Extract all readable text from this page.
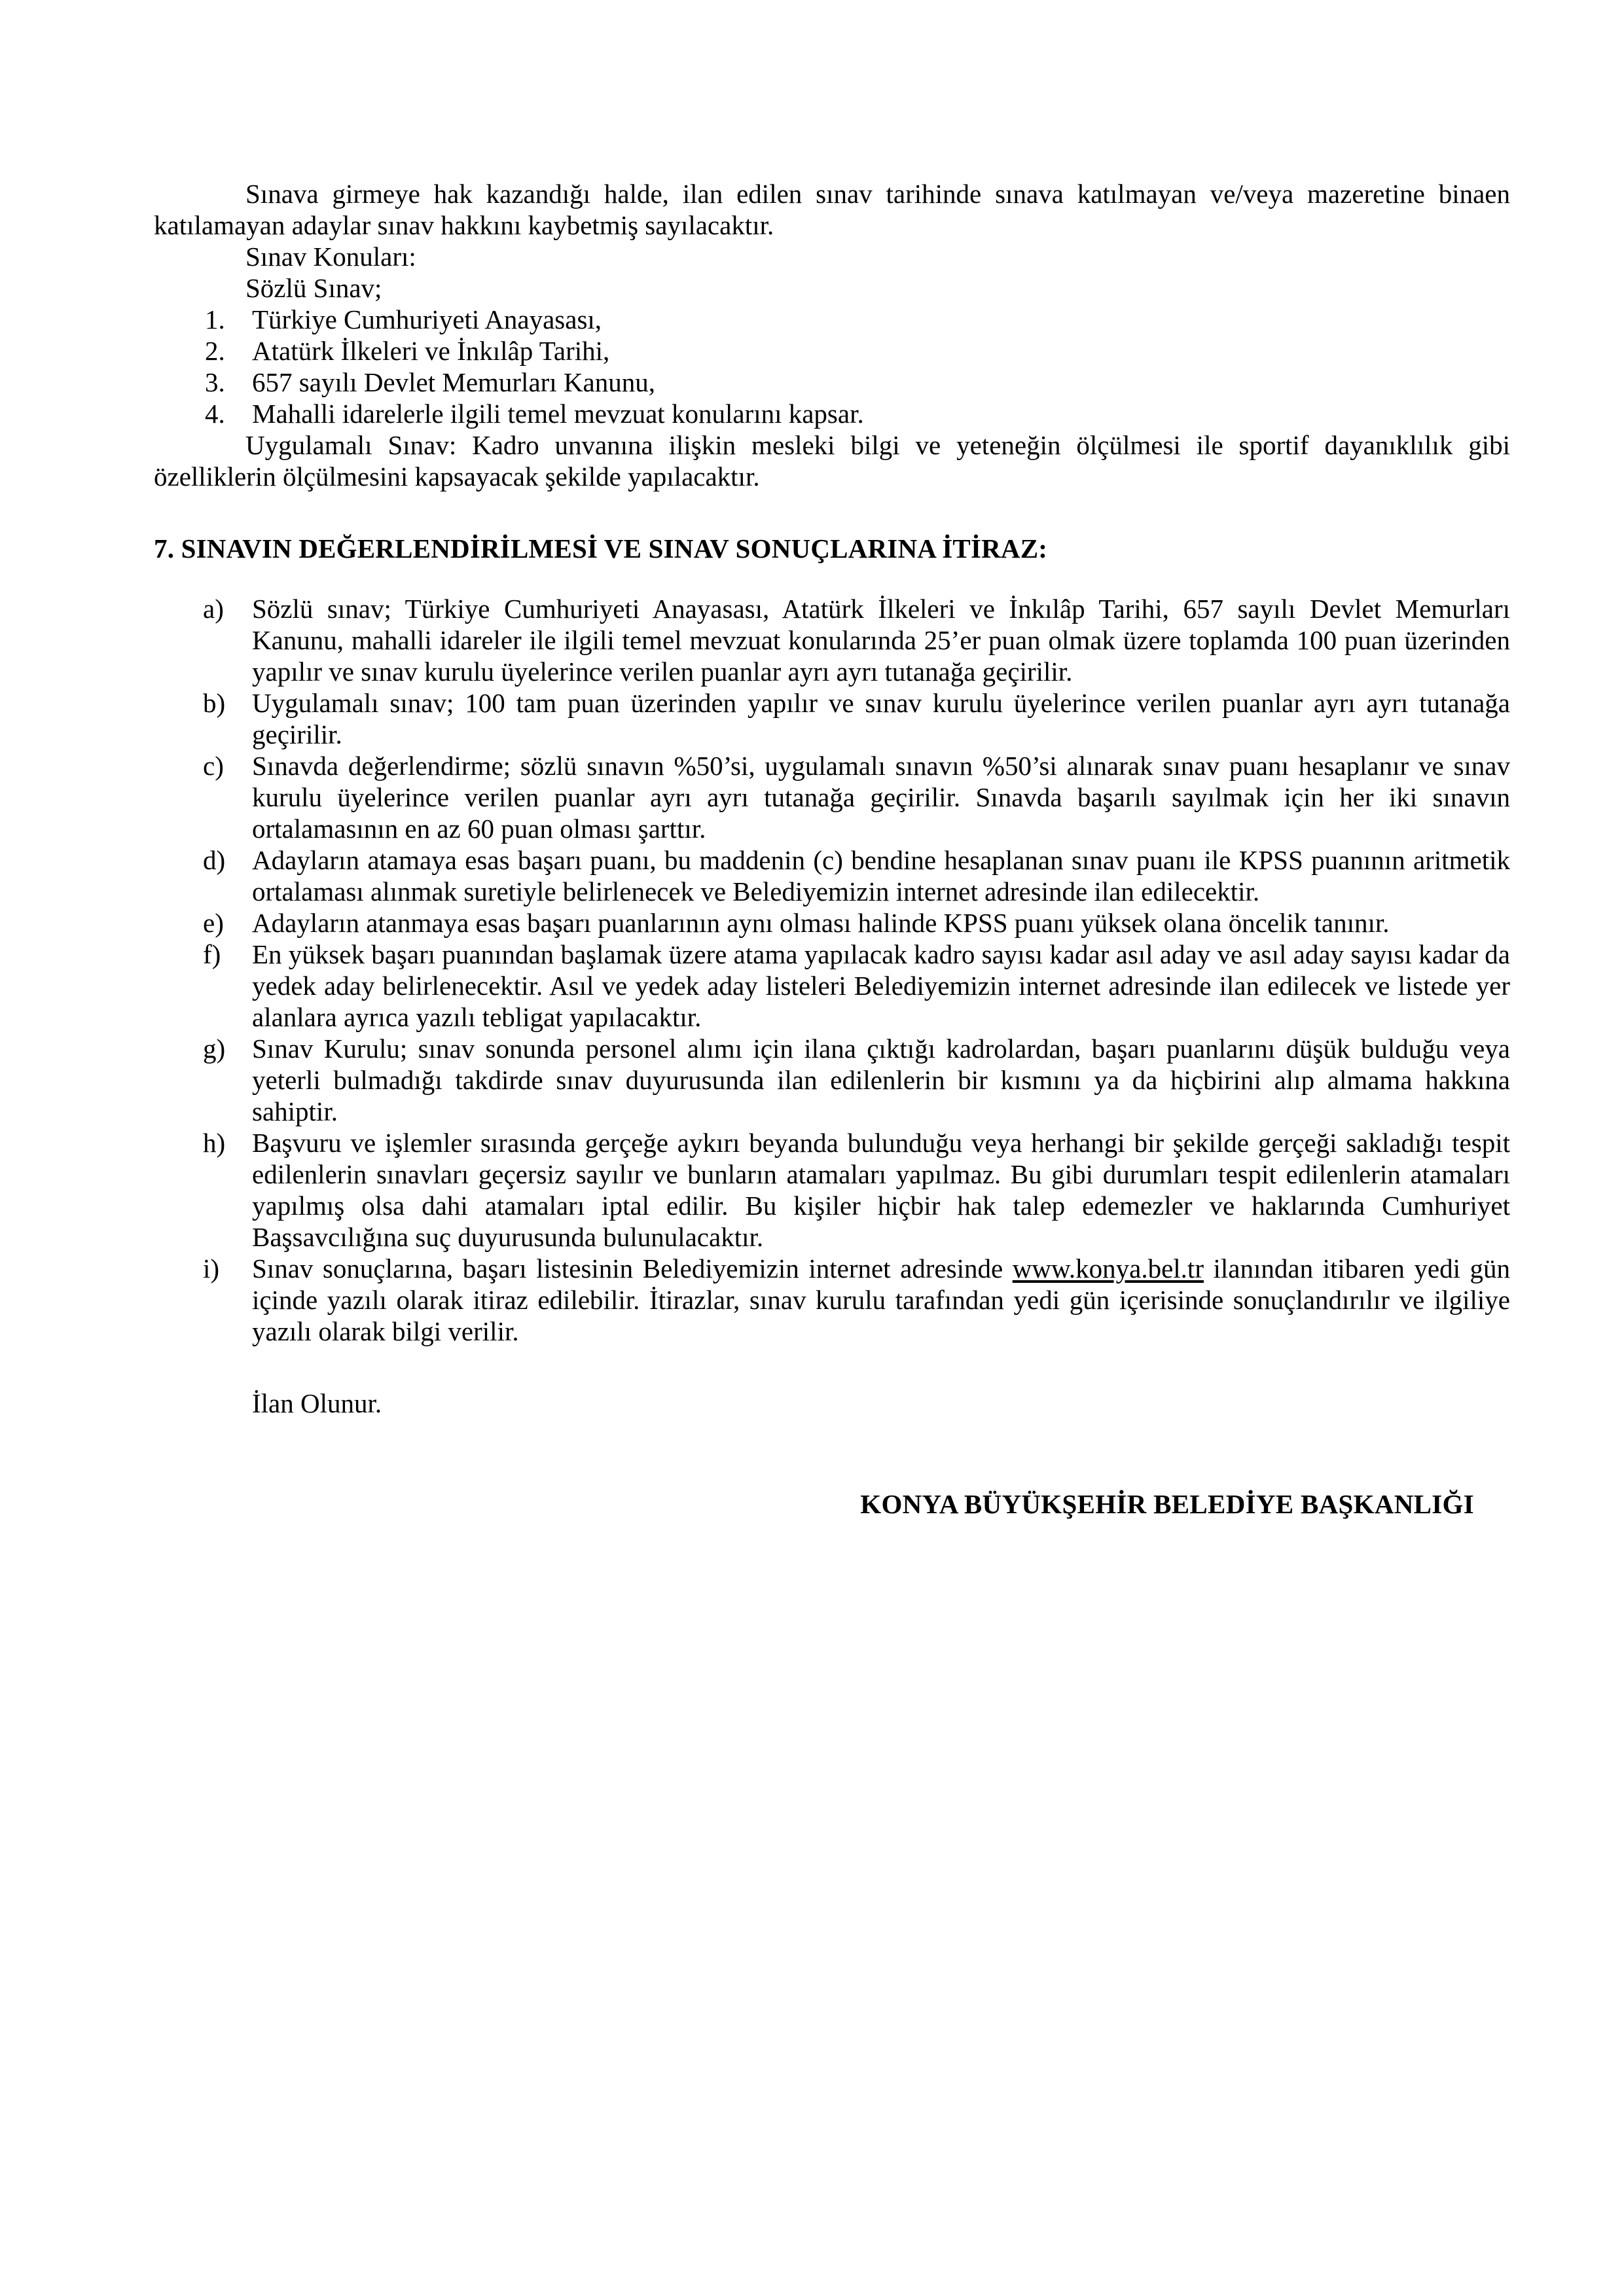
Sınava girmeye hak kazandığı halde, ilan edilen sınav tarihinde sınava katılmayan ve/veya mazeretine binaen katılamayan adaylar sınav hakkını kaybetmiş sayılacaktır.

Sınav Konuları:

Sözlü Sınav;

1.	Türkiye Cumhuriyeti Anayasası,
2.	Atatürk İlkeleri ve İnkılâp Tarihi,
3.	657 sayılı Devlet Memurları Kanunu,
4.	Mahalli idarelerle ilgili temel mevzuat konularını kapsar.

Uygulamalı Sınav: Kadro unvanına ilişkin mesleki bilgi ve yeteneğin ölçülmesi ile sportif dayanıklılık gibi özelliklerin ölçülmesini kapsayacak şekilde yapılacaktır.

7. SINAVIN DEĞERLENDİRİLMESİ VE SINAV SONUÇLARINA İTİRAZ:
a)	Sözlü sınav; Türkiye Cumhuriyeti Anayasası, Atatürk İlkeleri ve İnkılâp Tarihi, 657 sayılı Devlet Memurları Kanunu, mahalli idareler ile ilgili temel mevzuat konularında 25’er puan olmak üzere toplamda 100 puan üzerinden yapılır ve sınav kurulu üyelerince verilen puanlar ayrı ayrı tutanağa geçirilir.
b) Uygulamalı sınav; 100 tam puan üzerinden yapılır ve sınav kurulu üyelerince verilen puanlar ayrı ayrı tutanağa geçirilir.
c)	Sınavda değerlendirme; sözlü sınavın %50’si, uygulamalı sınavın %50’si alınarak sınav puanı hesaplanır ve sınav kurulu üyelerince verilen puanlar ayrı ayrı tutanağa geçirilir. Sınavda başarılı sayılmak için her iki sınavın ortalamasının en az 60 puan olması şarttır.
d) Adayların atamaya esas başarı puanı, bu maddenin (c) bendine hesaplanan sınav puanı ile KPSS puanının aritmetik ortalaması alınmak suretiyle belirlenecek ve Belediyemizin internet adresinde ilan edilecektir.
e)	Adayların atanmaya esas başarı puanlarının aynı olması halinde KPSS puanı yüksek olana öncelik tanınır.
f)	En yüksek başarı puanından başlamak üzere atama yapılacak kadro sayısı kadar asıl aday ve asıl aday sayısı kadar da yedek aday belirlenecektir. Asıl ve yedek aday listeleri Belediyemizin internet adresinde ilan edilecek ve listede yer alanlara ayrıca yazılı tebligat yapılacaktır.
g) Sınav Kurulu; sınav sonunda personel alımı için ilana çıktığı kadrolardan, başarı puanlarını düşük bulduğu veya yeterli bulmadığı takdirde sınav duyurusunda ilan edilenlerin bir kısmını ya da hiçbirini alıp almama hakkına sahiptir.
h) Başvuru ve işlemler sırasında gerçeğe aykırı beyanda bulunduğu veya herhangi bir şekilde gerçeği sakladığı tespit edilenlerin sınavları geçersiz sayılır ve bunların atamaları yapılmaz. Bu gibi durumları tespit edilenlerin atamaları yapılmış olsa dahi atamaları iptal edilir. Bu kişiler hiçbir hak talep edemezler ve haklarında Cumhuriyet Başsavcılığına suç duyurusunda bulunulacaktır.
i)	Sınav sonuçlarına, başarı listesinin Belediyemizin internet adresinde www.konya.bel.tr ilanından itibaren yedi gün içinde yazılı olarak itiraz edilebilir. İtirazlar, sınav kurulu tarafından yedi gün içerisinde sonuçlandırılır ve ilgiliye yazılı olarak bilgi verilir.

İlan Olunur.

KONYA BÜYÜKŞEHİR BELEDİYE BAŞKANLIĞI
